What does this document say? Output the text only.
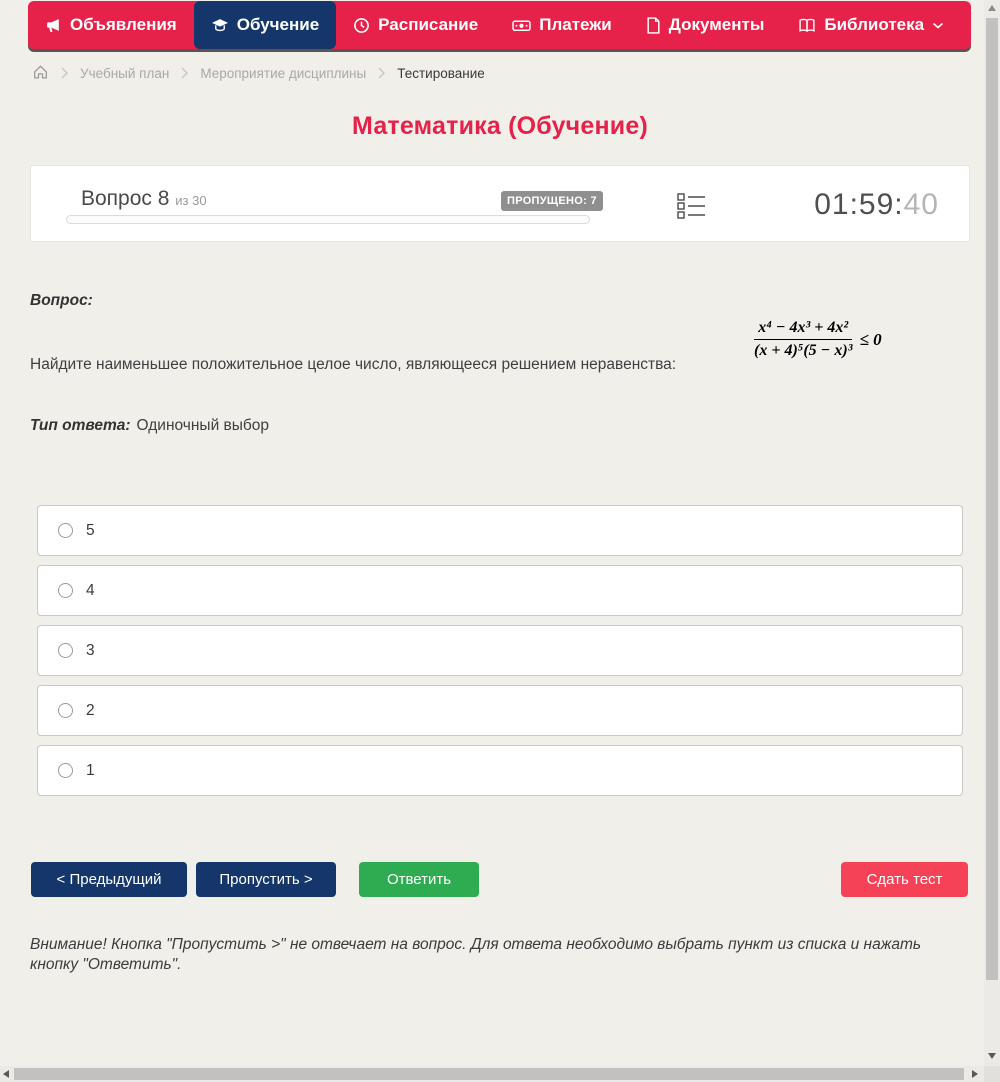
Объявления	Обучение	Расписание	Платежи	Документы	Библиотека
Учебный план Мероприятие дисциплины Тестирование
Математика (Обучение)
Вопрос 8 из 30	ПРОПУЩЕНО: 7	01:59:40
Вопрос:
Найдите наименьшее положительное целое число, являющееся решением неравенства:
$\frac{\text{x⁴ − 4x³ + 4x²}}{\text{(x + 4)⁵(5 − x)³}} \le 0$
Тип ответа: Одиночный выбор
5
4
3
2
1
< Предыдущий	Пропустить >	Ответить	Сдать тест
Внимание! Кнопка "Пропустить >" не отвечает на вопрос. Для ответа необходимо выбрать пункт из списка и нажать кнопку "Ответить".
